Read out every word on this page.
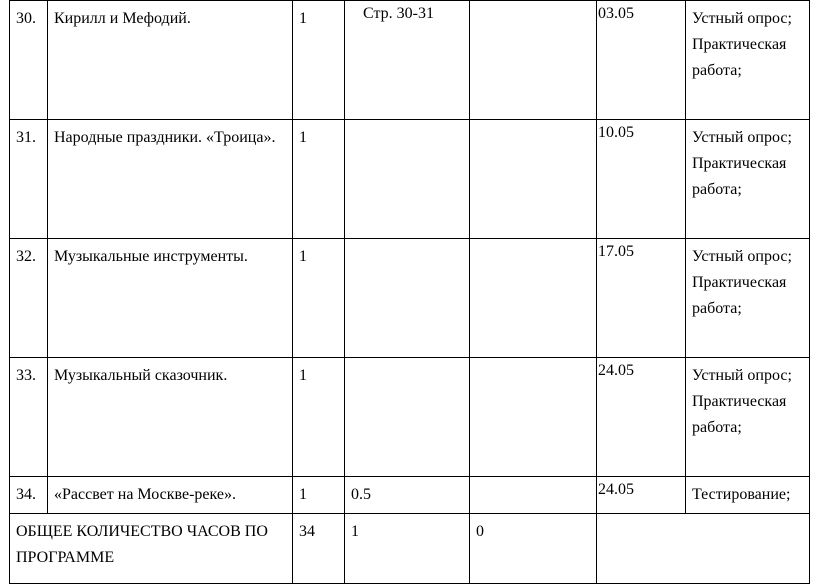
30.	Кирилл и Мефодий.	1	Стр. 30-31		03.05	Устный опрос; Практическая работа;
31.	Народные праздники. «Троица».	1			10.05	Устный опрос; Практическая работа;
32.	Музыкальные инструменты.	1			17.05	Устный опрос; Практическая работа;
33.	Музыкальный сказочник.	1			24.05	Устный опрос; Практическая работа;
34.	«Рассвет на Москве-реке».	1	0.5		24.05	Тестирование;
ОБЩЕЕ КОЛИЧЕСТВО ЧАСОВ ПО ПРОГРАММЕ		34	1	0		
